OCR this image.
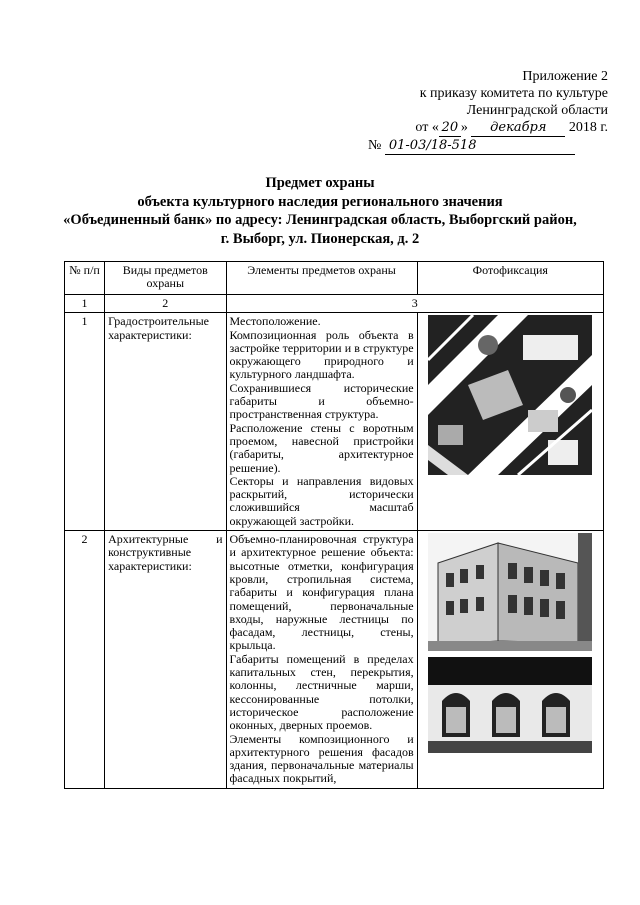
Приложение 2
к приказу комитета по культуре
Ленинградской области
от « 20 » декабря 2018 г.
№ 01-03/18-518
Предмет охраны
объекта культурного наследия регионального значения
«Объединенный банк» по адресу: Ленинградская область, Выборгский район,
г. Выборг, ул. Пионерская, д. 2
№ п/п	Виды предметов охраны	Элементы предметов охраны	Фотофиксация
1	2	3	
1	Градостроительные характеристики:	Местоположение.
Композиционная роль объекта в застройке территории и в структуре окружающего природного и культурного ландшафта.
Сохранившиеся исторические габариты и объемно-пространственная структура.
Расположение стены с воротным проемом, навесной пристройки (габариты, архитектурное решение).
Секторы и направления видовых раскрытий, исторически сложившийся масштаб окружающей застройки.

2	Архитектурные и конструктивные характеристики:	Объемно-планировочная структура и архитектурное решение объекта: высотные отметки, конфигурация кровли, стропильная система, габариты и конфигурация плана помещений, первоначальные входы, наружные лестницы по фасадам, лестницы, стены, крыльца.
Габариты помещений в пределах капитальных стен, перекрытия, колонны, лестничные марши, кессонированные потолки, историческое расположение оконных, дверных проемов.
Элементы композиционного и архитектурного решения фасадов здания, первоначальные материалы фасадных покрытий,
